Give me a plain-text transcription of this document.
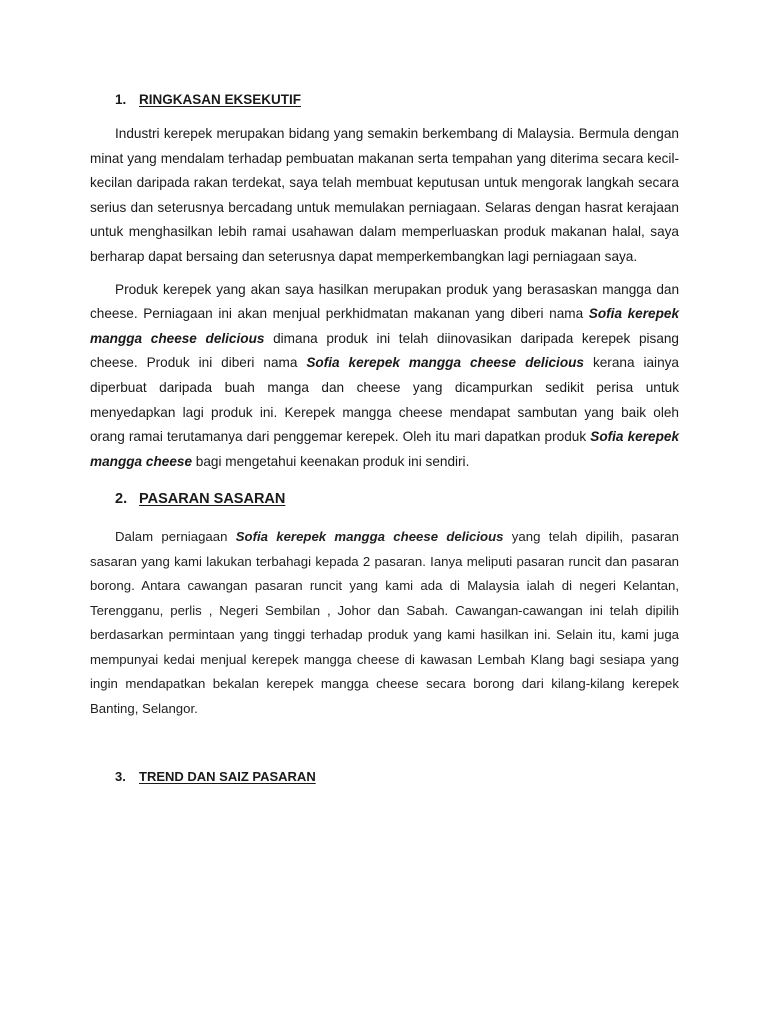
1. RINGKASAN EKSEKUTIF

Industri kerepek merupakan bidang yang semakin berkembang di Malaysia. Bermula dengan minat yang mendalam terhadap pembuatan makanan serta tempahan yang diterima secara kecil-kecilan daripada rakan terdekat, saya telah membuat keputusan untuk mengorak langkah secara serius dan seterusnya bercadang untuk memulakan perniagaan. Selaras dengan hasrat kerajaan untuk menghasilkan lebih ramai usahawan dalam memperluaskan produk makanan halal, saya berharap dapat bersaing dan seterusnya dapat memperkembangkan lagi perniagaan saya.

Produk kerepek yang akan saya hasilkan merupakan produk yang berasaskan mangga dan cheese. Perniagaan ini akan menjual perkhidmatan makanan yang diberi nama Sofia kerepek mangga cheese delicious dimana produk ini telah diinovasikan daripada kerepek pisang cheese. Produk ini diberi nama Sofia kerepek mangga cheese delicious kerana iainya diperbuat daripada buah manga dan cheese yang dicampurkan sedikit perisa untuk menyedapkan lagi produk ini. Kerepek mangga cheese mendapat sambutan yang baik oleh orang ramai terutamanya dari penggemar kerepek. Oleh itu mari dapatkan produk Sofia kerepek mangga cheese bagi mengetahui keenakan produk ini sendiri.

2. PASARAN SASARAN

Dalam perniagaan Sofia kerepek mangga cheese delicious yang telah dipilih, pasaran sasaran yang kami lakukan terbahagi kepada 2 pasaran. Ianya meliputi pasaran runcit dan pasaran borong. Antara cawangan pasaran runcit yang kami ada di Malaysia ialah di negeri Kelantan, Terengganu, perlis , Negeri Sembilan , Johor dan Sabah. Cawangan-cawangan ini telah dipilih berdasarkan permintaan yang tinggi terhadap produk yang kami hasilkan ini. Selain itu, kami juga mempunyai kedai menjual kerepek mangga cheese di kawasan Lembah Klang bagi sesiapa yang ingin mendapatkan bekalan kerepek mangga cheese secara borong dari kilang-kilang kerepek Banting, Selangor.

3.	TREND DAN SAIZ PASARAN
